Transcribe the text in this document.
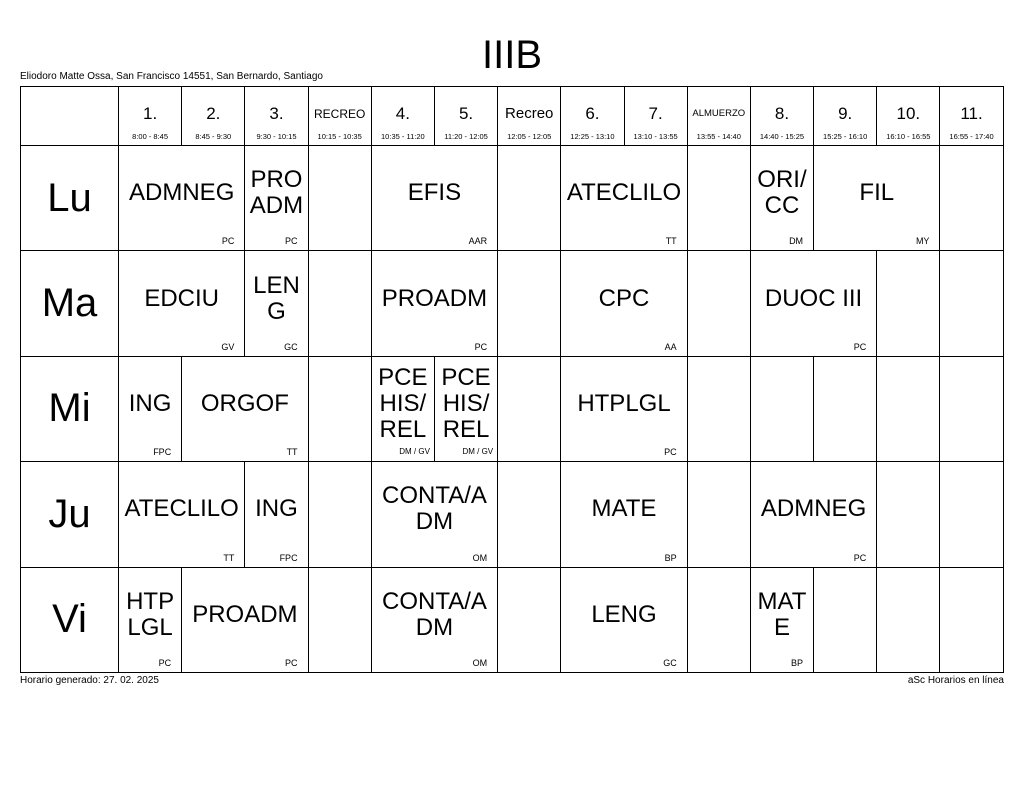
IIIB
Eliodoro Matte Ossa, San Francisco 14551, San Bernardo, Santiago
1.
8:00 - 8:45
2.
8:45 - 9:30
3.
9:30 - 10:15
RECREO
10:15 - 10:35
4.
10:35 - 11:20
5.
11:20 - 12:05
Recreo
12:05 - 12:05
6.
12:25 - 13:10
7.
13:10 - 13:55
ALMUERZO
13:55 - 14:40
8.
14:40 - 15:25
9.
15:25 - 16:10
10.
16:10 - 16:55
11.
16:55 - 17:40
Lu
Ma
Mi
Ju
Vi
ADMNEG
PC
PROADM
PC
EFIS
AAR
ATECLILO
TT
ORI/CC
DM
FIL
MY
EDCIU
GV
LENG
GC
PROADM
PC
CPC
AA
DUOC III
PC
ING
FPC
ORGOF
TT
PCEHIS/REL
DM / GV
PCEHIS/REL
DM / GV
HTPLGL
PC
ATECLILO
TT
ING
FPC
CONTA/ADM
OM
MATE
BP
ADMNEG
PC
HTPLGL
PC
PROADM
PC
CONTA/ADM
OM
LENG
GC
MATE
BP
Horario generado: 27. 02. 2025	aSc Horarios en línea
